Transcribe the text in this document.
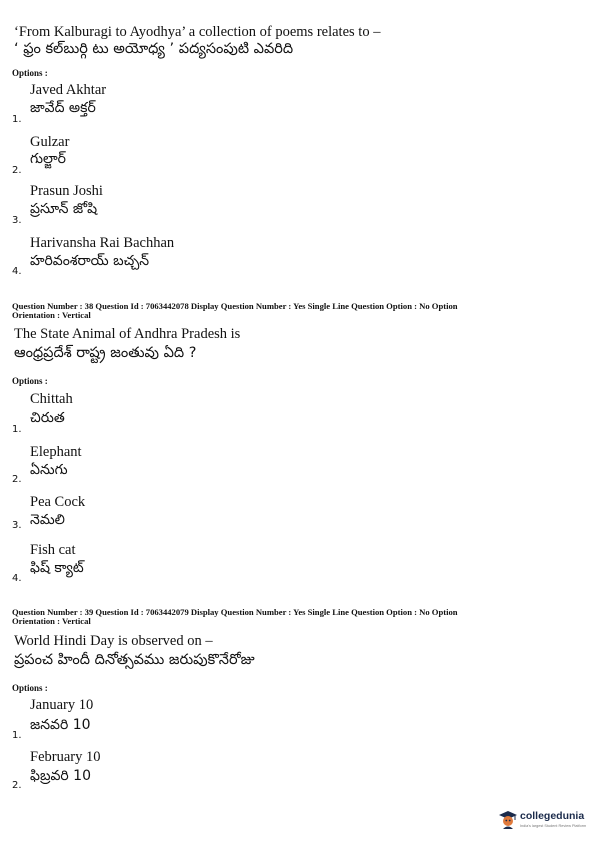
‘From Kalburagi to Ayodhya’ a collection of poems relates to –
‘ ఫ్రం కల్‌బుర్గి టు అయోధ్య ’ పద్యసంపుటి ఎవరిది
Options :
Javed Akhtar
జావేద్ అక్తర్
1.
Gulzar
గుల్జార్
2.
Prasun Joshi
ప్రసూన్ జోషి
3.
Harivansha Rai Bachhan
హరివంశరాయ్ బచ్చన్
4.
Question Number : 38 Question Id : 7063442078 Display Question Number : Yes Single Line Question Option : No Option
Orientation : Vertical
The State Animal of Andhra Pradesh is
ఆంధ్రప్రదేశ్ రాష్ట్ర జంతువు ఏది ?
Options :
Chittah
చిరుత
1.
Elephant
ఏనుగు
2.
Pea Cock
నెమలి
3.
Fish cat
ఫిష్ క్యాట్
4.
Question Number : 39 Question Id : 7063442079 Display Question Number : Yes Single Line Question Option : No Option
Orientation : Vertical
World Hindi Day is observed on –
ప్రపంచ హిందీ దినోత్సవము జరుపుకొనేరోజు
Options :
January 10
జనవరి 10
1.
February 10
ఫిబ్రవరి 10
2.
collegedunia
India's largest Student Review Platform
